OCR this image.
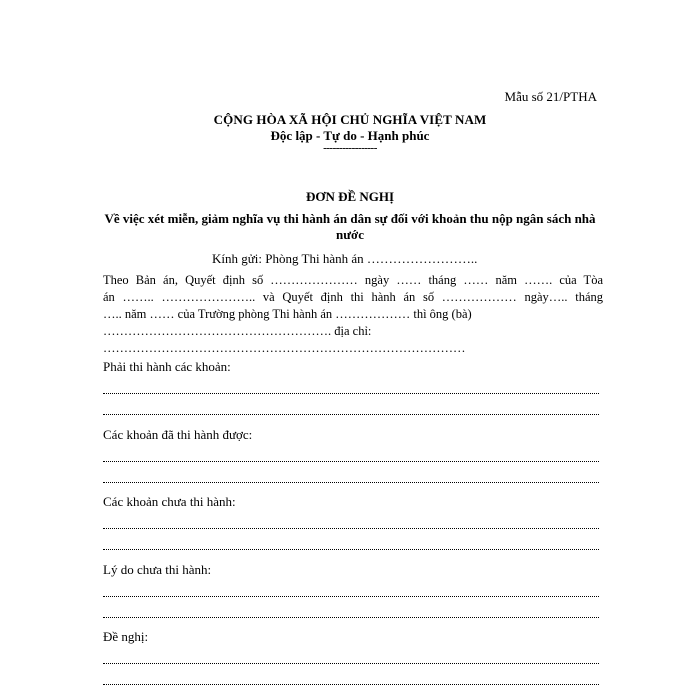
Mẫu số 21/PTHA
CỘNG HÒA XÃ HỘI CHỦ NGHĨA VIỆT NAM
Độc lập - Tự do - Hạnh phúc
-----------------
ĐƠN ĐỀ NGHỊ
Về việc xét miễn, giảm nghĩa vụ thi hành án dân sự đối với khoản thu nộp ngân sách nhà nước
Kính gửi: Phòng Thi hành án ……………………..
Theo Bản án, Quyết định số ………………… ngày …… tháng …… năm ……. của Tòa
án …….. ………………….. và Quyết định thi hành án số ……………… ngày….. tháng
….. năm …… của Trường phòng Thi hành án ……………… thì ông (bà)
………………………………………………. địa chỉ:
……………………………………………………………………………
Phải thi hành các khoản:
Các khoản đã thi hành được:
Các khoản chưa thi hành:
Lý do chưa thi hành:
Đề nghị:
